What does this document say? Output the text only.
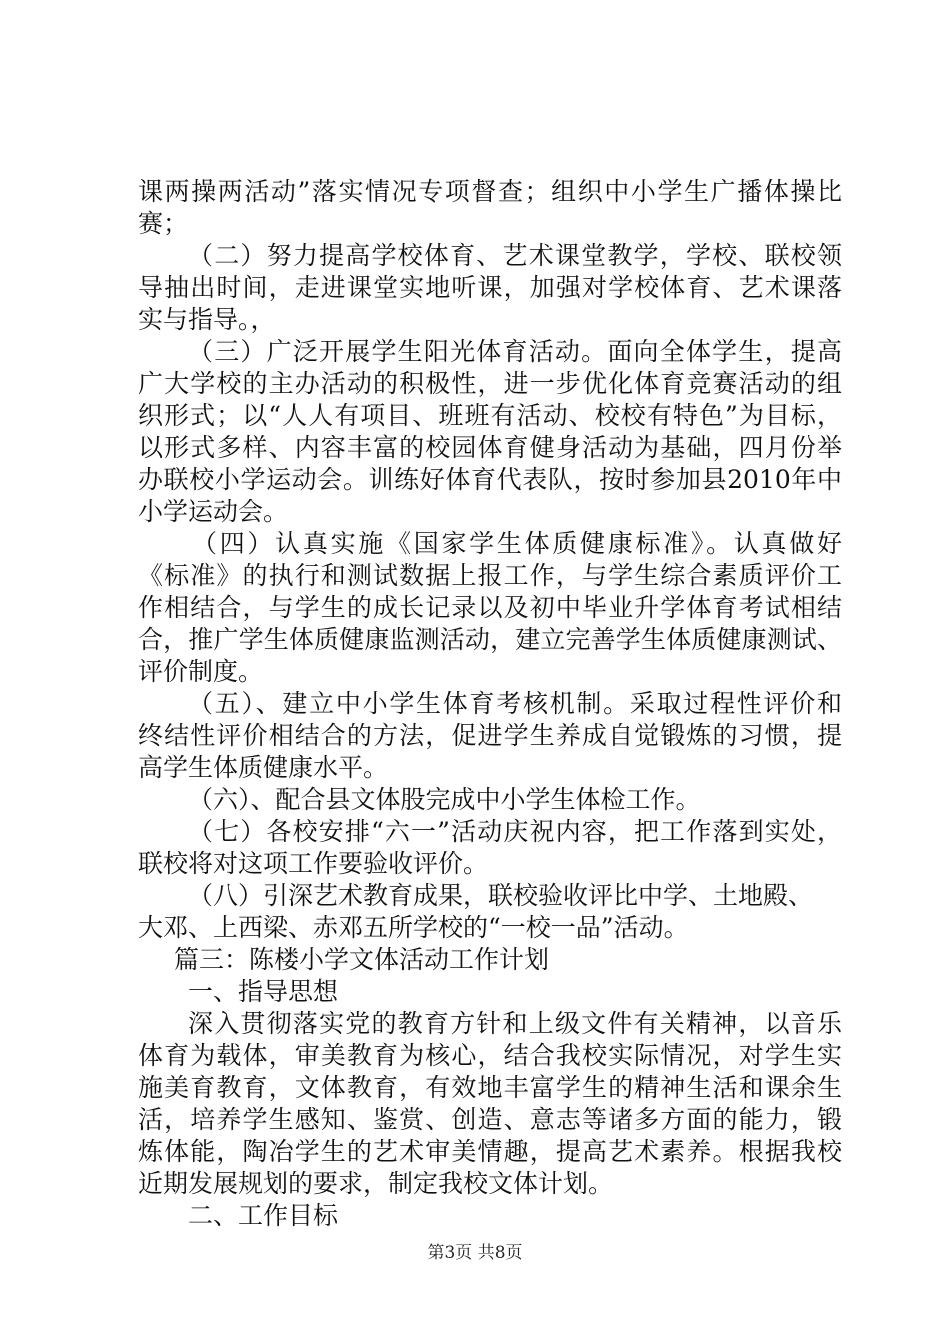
课两操两活动”落实情况专项督查；组织中小学生广播体操比
赛；
（二）努力提高学校体育、艺术课堂教学，学校、联校领
导抽出时间，走进课堂实地听课，加强对学校体育、艺术课落
实与指导。，
（三）广泛开展学生阳光体育活动。面向全体学生，提高
广大学校的主办活动的积极性，进一步优化体育竞赛活动的组
织形式；以“人人有项目、班班有活动、校校有特色”为目标，
以形式多样、内容丰富的校园体育健身活动为基础，四月份举
办联校小学运动会。训练好体育代表队，按时参加县2010年中
小学运动会。
（四）认真实施《国家学生体质健康标准》。认真做好
《标准》的执行和测试数据上报工作，与学生综合素质评价工
作相结合，与学生的成长记录以及初中毕业升学体育考试相结
合，推广学生体质健康监测活动，建立完善学生体质健康测试、
评价制度。
（五）、建立中小学生体育考核机制。采取过程性评价和
终结性评价相结合的方法，促进学生养成自觉锻炼的习惯，提
高学生体质健康水平。
（六）、配合县文体股完成中小学生体检工作。
（七）各校安排“六一”活动庆祝内容，把工作落到实处，
联校将对这项工作要验收评价。
（八）引深艺术教育成果，联校验收评比中学、土地殿、
大邓、上西梁、赤邓五所学校的“一校一品”活动。
篇三：陈楼小学文体活动工作计划
一、指导思想
深入贯彻落实党的教育方针和上级文件有关精神，以音乐
体育为载体，审美教育为核心，结合我校实际情况，对学生实
施美育教育，文体教育，有效地丰富学生的精神生活和课余生
活，培养学生感知、鉴赏、创造、意志等诸多方面的能力，锻
炼体能，陶冶学生的艺术审美情趣，提高艺术素养。根据我校
近期发展规划的要求，制定我校文体计划。
二、工作目标
第3页 共8页
